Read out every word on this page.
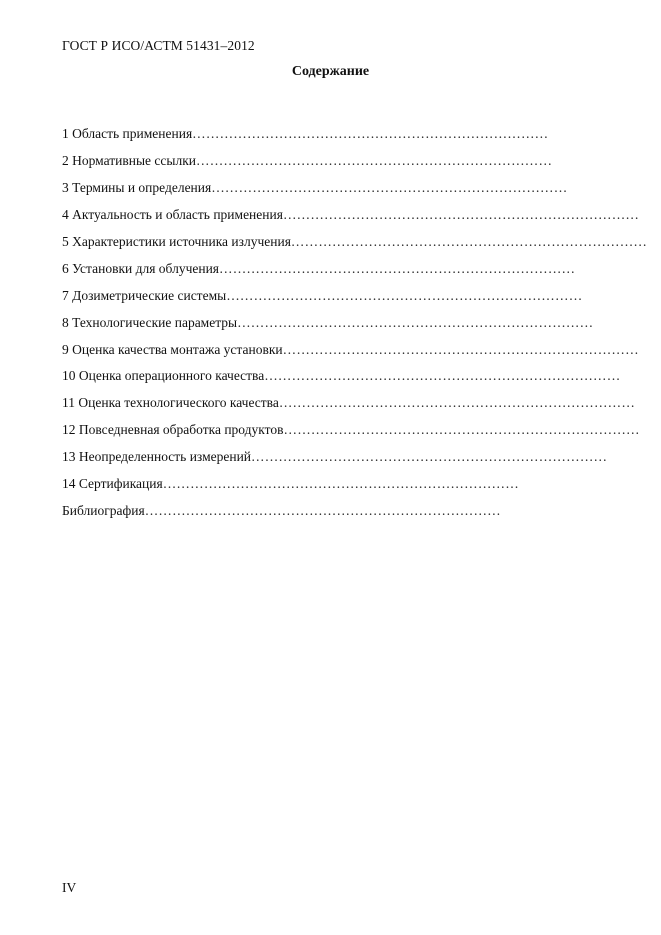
ГОСТ Р ИСО/АСТМ 51431–2012
Содержание
1 Область применения ……………………………………………………………………
2 Нормативные ссылки ……………………………………………………………………
3 Термины и определения ……………………………………………………………………
4 Актуальность и область применения ……………………………………………………………………
5 Характеристики источника излучения ……………………………………………………………………
6 Установки для облучения ……………………………………………………………………
7 Дозиметрические системы ……………………………………………………………………
8 Технологические параметры ……………………………………………………………………
9 Оценка качества монтажа установки ……………………………………………………………………
10 Оценка операционного качества ……………………………………………………………………
11 Оценка технологического качества ……………………………………………………………………
12 Повседневная обработка продуктов ……………………………………………………………………
13 Неопределенность измерений ……………………………………………………………………
14 Сертификация ……………………………………………………………………
Библиография ……………………………………………………………………
IV
